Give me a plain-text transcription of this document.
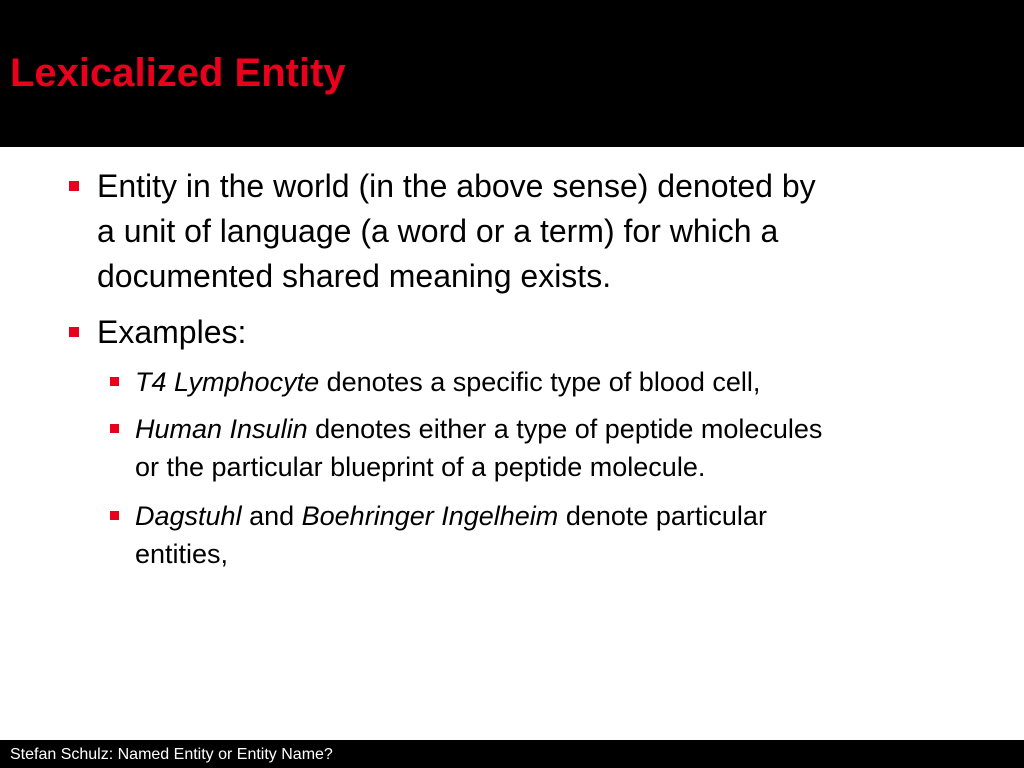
Lexicalized Entity
Entity in the world (in the above sense) denoted by
a unit of language (a word or a term) for which a
documented shared meaning exists.
Examples:
T4 Lymphocyte denotes a specific type of blood cell,
Human Insulin denotes either a type of peptide molecules
or the particular blueprint of a peptide molecule.
Dagstuhl and Boehringer Ingelheim denote particular
entities,
Stefan Schulz: Named Entity or Entity Name?
